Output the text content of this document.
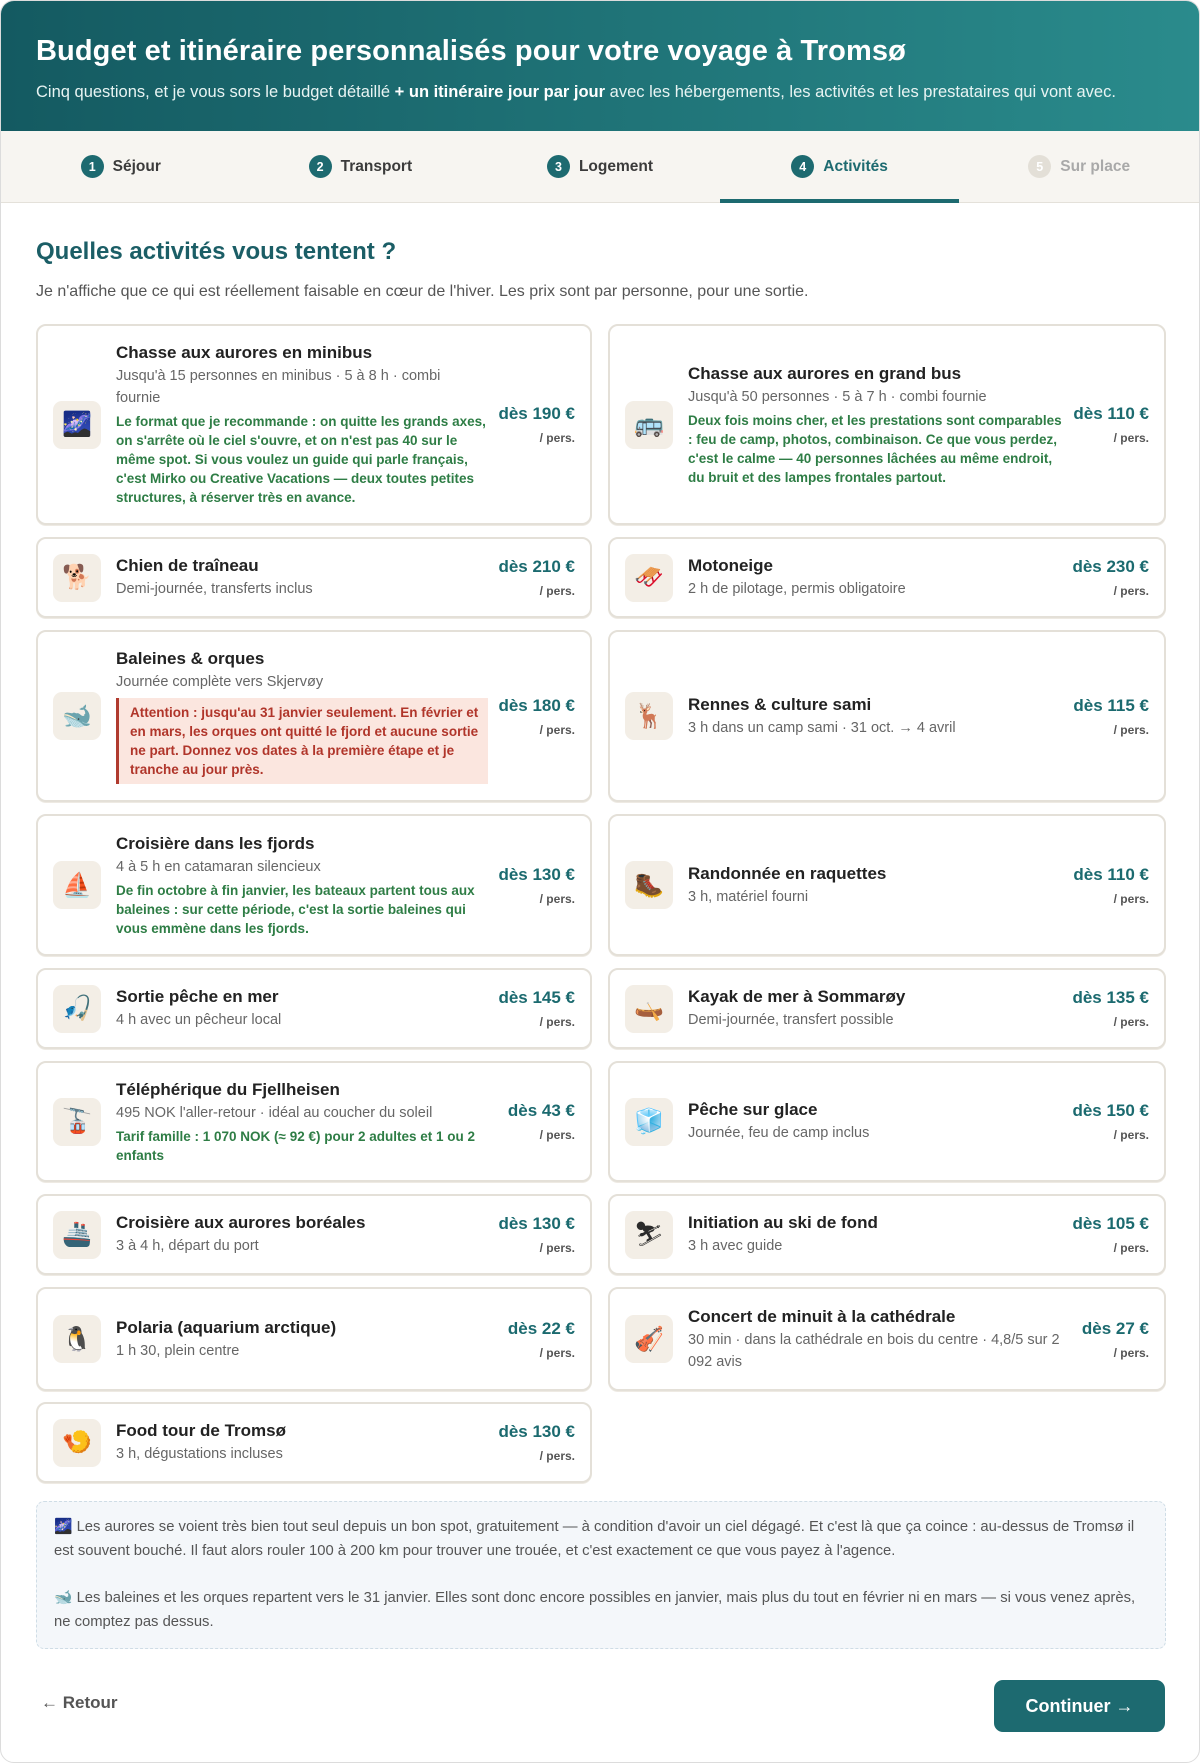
Budget et itinéraire personnalisés pour votre voyage à Tromsø

Cinq questions, et je vous sors le budget détaillé + un itinéraire jour par jour avec les hébergements, les activités et les prestataires qui vont avec.

1	Séjour	2	Transport	3	Logement	4	Activités	5	Sur place
Quelles activités vous tentent ?

Je n'affiche que ce qui est réellement faisable en cœur de l'hiver. Les prix sont par personne, pour une sortie.

🌌
Chasse aux aurores en minibus
Jusqu'à 15 personnes en minibus · 5 à 8 h · combi fournie
Le format que je recommande : on quitte les grands axes, on s'arrête où le ciel s'ouvre, et on n'est pas 40 sur le même spot. Si vous voulez un guide qui parle français, c'est Mirko ou Creative Vacations — deux toutes petites structures, à réserver très en avance.
dès 190 €
/ pers.	🚌
Chasse aux aurores en grand bus
Jusqu'à 50 personnes · 5 à 7 h · combi fournie
Deux fois moins cher, et les prestations sont comparables : feu de camp, photos, combinaison. Ce que vous perdez, c'est le calme — 40 personnes lâchées au même endroit, du bruit et des lampes frontales partout.
dès 110 €
/ pers.
🐕	Chien de traîneau
Demi-journée, transferts inclus
dès 210 €
/ pers.	🛷	Motoneige
2 h de pilotage, permis obligatoire
dès 230 €
/ pers.
🐋
Baleines & orques
Journée complète vers Skjervøy
Attention : jusqu'au 31 janvier seulement. En février et en mars, les orques ont quitté le fjord et aucune sortie ne part. Donnez vos dates à la première étape et je tranche au jour près.
dès 180 €
/ pers.	🦌	Rennes & culture sami
3 h dans un camp sami · 31 oct. → 4 avril
dès 115 €
/ pers.
⛵
Croisière dans les fjords
4 à 5 h en catamaran silencieux
De fin octobre à fin janvier, les bateaux partent tous aux baleines : sur cette période, c'est la sortie baleines qui vous emmène dans les fjords.
dès 130 €
/ pers.	🥾	Randonnée en raquettes
3 h, matériel fourni
dès 110 €
/ pers.
🎣	Sortie pêche en mer
4 h avec un pêcheur local
dès 145 €
/ pers.	🛶	Kayak de mer à Sommarøy
Demi-journée, transfert possible
dès 135 €
/ pers.
🚡
Téléphérique du Fjellheisen
495 NOK l'aller-retour · idéal au coucher du soleil
Tarif famille : 1 070 NOK (≈ 92 €) pour 2 adultes et 1 ou 2 enfants
dès 43 €
/ pers.	🧊	Pêche sur glace
Journée, feu de camp inclus
dès 150 €
/ pers.
🚢	Croisière aux aurores boréales
3 à 4 h, départ du port
dès 130 €
/ pers.	⛷	Initiation au ski de fond
3 h avec guide
dès 105 €
/ pers.
🐧	Polaria (aquarium arctique)
1 h 30, plein centre
dès 22 €
/ pers.	🎻
Concert de minuit à la cathédrale
30 min · dans la cathédrale en bois du centre · 4,8/5 sur 2 092 avis
dès 27 €
/ pers.
🍤	Food tour de Tromsø
3 h, dégustations incluses
dès 130 €
/ pers.

🌌 Les aurores se voient très bien tout seul depuis un bon spot, gratuitement — à condition d'avoir un ciel dégagé. Et c'est là que ça coince : au-dessus de Tromsø il est souvent bouché. Il faut alors rouler 100 à 200 km pour trouver une trouée, et c'est exactement ce que vous payez à l'agence.

🐋 Les baleines et les orques repartent vers le 31 janvier. Elles sont donc encore possibles en janvier, mais plus du tout en février ni en mars — si vous venez après, ne comptez pas dessus.

← Retour	Continuer →
